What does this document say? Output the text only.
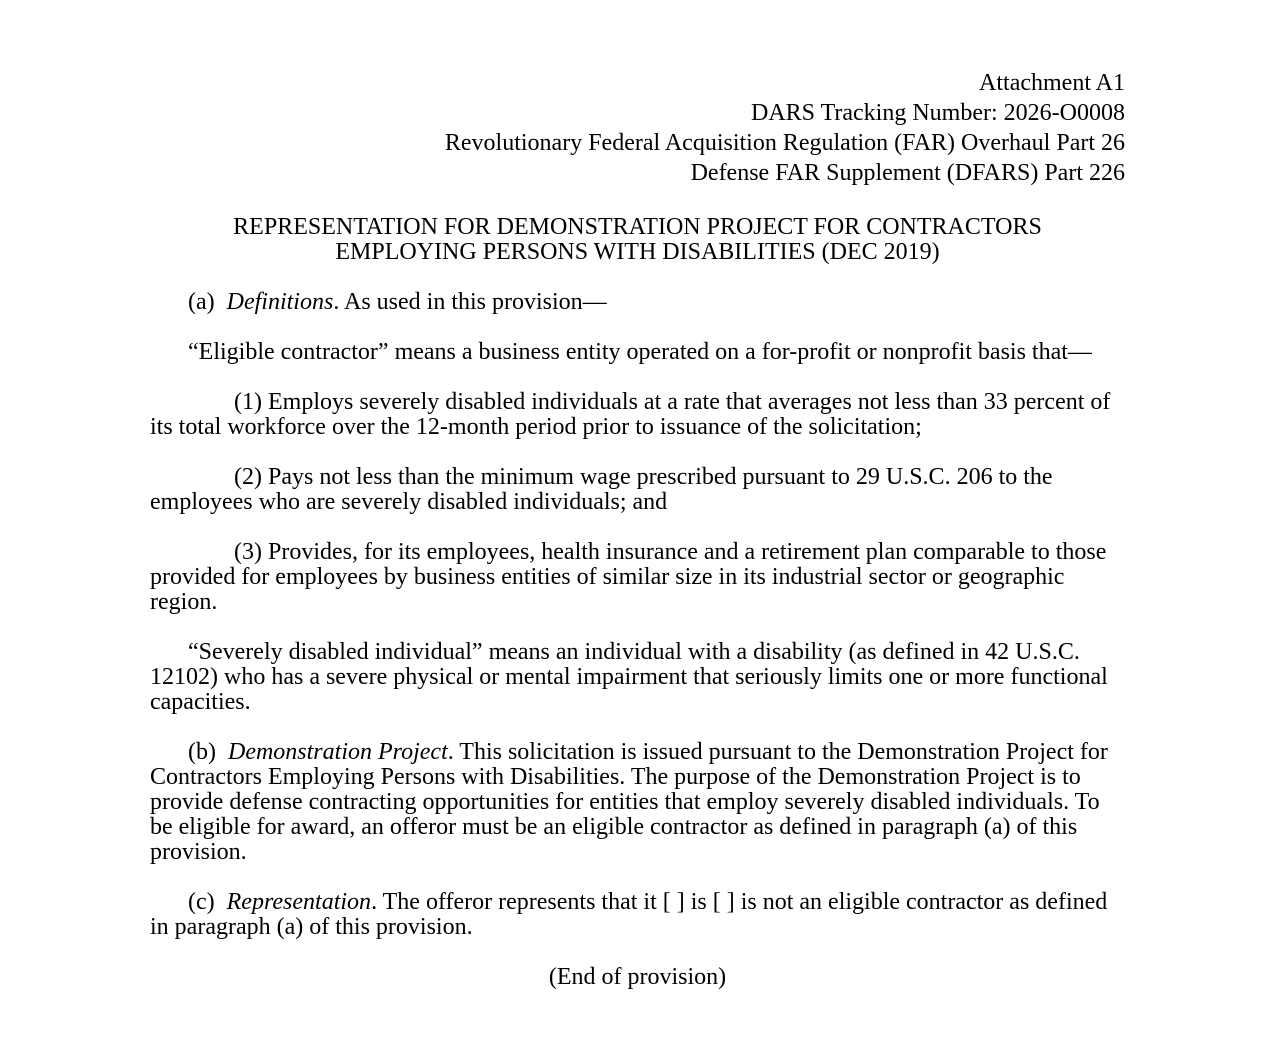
Attachment A1
DARS Tracking Number: 2026-O0008
Revolutionary Federal Acquisition Regulation (FAR) Overhaul Part 26
Defense FAR Supplement (DFARS) Part 226
REPRESENTATION FOR DEMONSTRATION PROJECT FOR CONTRACTORS
EMPLOYING PERSONS WITH DISABILITIES (DEC 2019)

(a) Definitions. As used in this provision—

“Eligible contractor” means a business entity operated on a for-profit or nonprofit basis that—

(1) Employs severely disabled individuals at a rate that averages not less than 33 percent of its total workforce over the 12-month period prior to issuance of the solicitation;

(2) Pays not less than the minimum wage prescribed pursuant to 29 U.S.C. 206 to the employees who are severely disabled individuals; and

(3) Provides, for its employees, health insurance and a retirement plan comparable to those provided for employees by business entities of similar size in its industrial sector or geographic region.

“Severely disabled individual” means an individual with a disability (as defined in 42 U.S.C. 12102) who has a severe physical or mental impairment that seriously limits one or more functional capacities.

(b) Demonstration Project. This solicitation is issued pursuant to the Demonstration Project for Contractors Employing Persons with Disabilities. The purpose of the Demonstration Project is to provide defense contracting opportunities for entities that employ severely disabled individuals. To be eligible for award, an offeror must be an eligible contractor as defined in paragraph (a) of this provision.

(c) Representation. The offeror represents that it [ ] is [ ] is not an eligible contractor as defined in paragraph (a) of this provision.

(End of provision)
